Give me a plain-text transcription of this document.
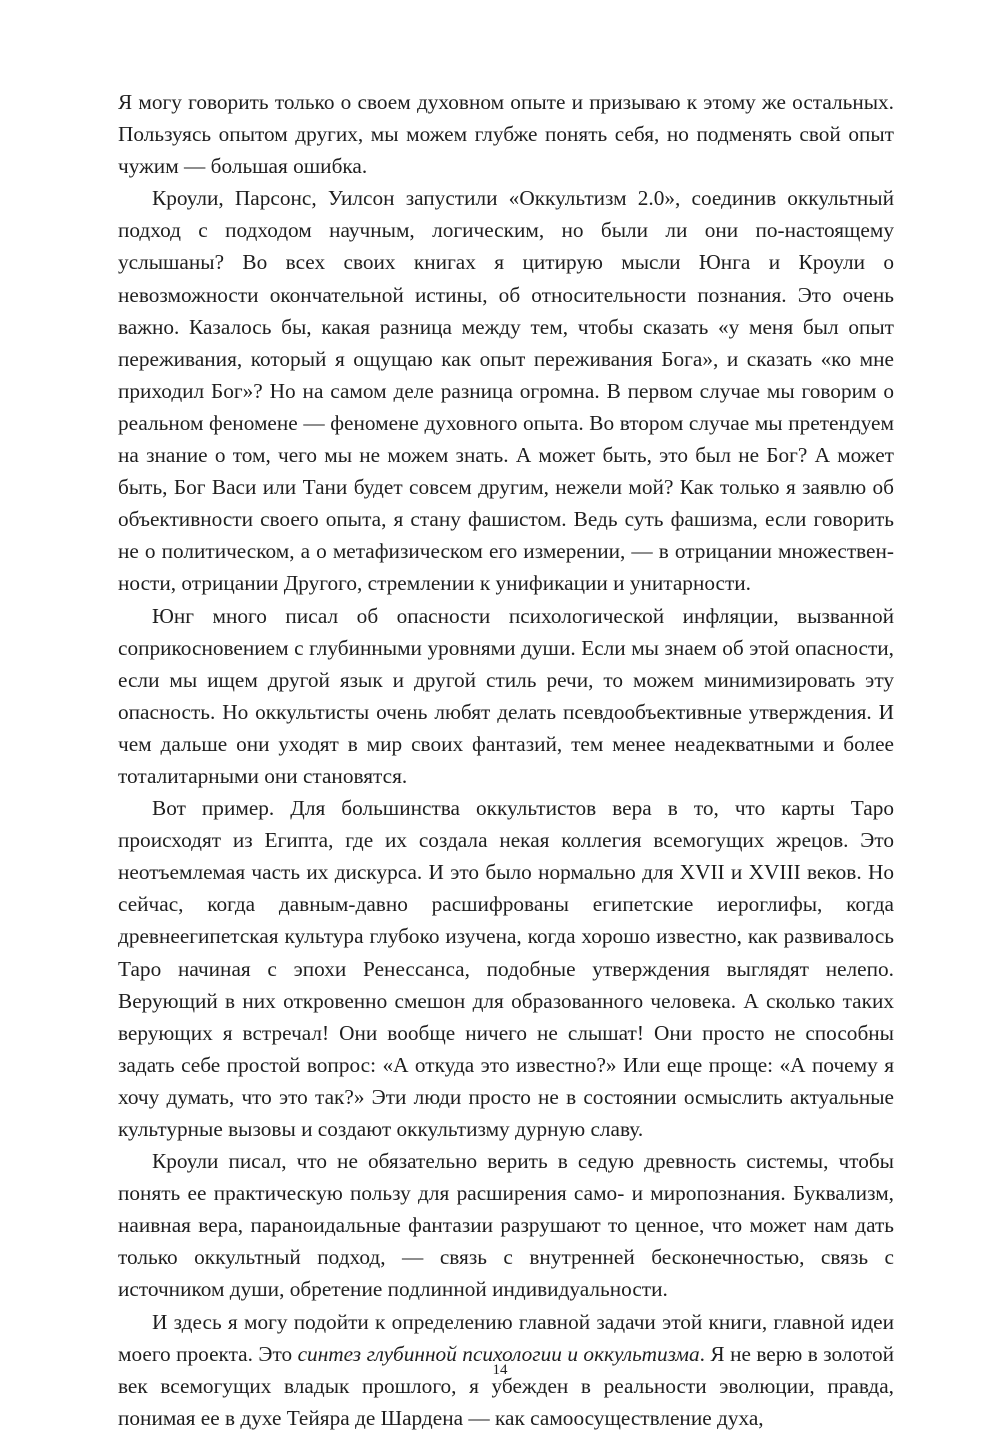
Я могу говорить только о своем духовном опыте и призываю к этому же остальных. Пользуясь опытом других, мы можем глубже понять себя, но подменять свой опыт чужим — большая ошибка.

Кроули, Парсонс, Уилсон запустили «Оккультизм 2.0», соединив оккультный подход с подходом научным, логическим, но были ли они по-настоящему услышаны? Во всех своих книгах я цитирую мысли Юнга и Кроули о невозможности окончательной истины, об относительности познания. Это очень важно. Казалось бы, какая разница между тем, чтобы сказать «у меня был опыт переживания, который я ощущаю как опыт переживания Бога», и сказать «ко мне приходил Бог»? Но на самом деле разница огромна. В первом случае мы говорим о реальном феномене — феномене духовного опыта. Во втором случае мы претендуем на знание о том, чего мы не можем знать. А может быть, это был не Бог? А может быть, Бог Васи или Тани будет совсем другим, нежели мой? Как только я заявлю об объективности своего опыта, я стану фашистом. Ведь суть фашизма, если говорить не о политическом, а о метафизическом его измерении, — в отрицании множественности, отрицании Другого, стремлении к унификации и унитарности.

Юнг много писал об опасности психологической инфляции, вызванной соприкосновением с глубинными уровнями души. Если мы знаем об этой опасности, если мы ищем другой язык и другой стиль речи, то можем минимизировать эту опасность. Но оккультисты очень любят делать псевдообъективные утверждения. И чем дальше они уходят в мир своих фантазий, тем менее неадекватными и более тоталитарными они становятся.

Вот пример. Для большинства оккультистов вера в то, что карты Таро происходят из Египта, где их создала некая коллегия всемогущих жрецов. Это неотъемлемая часть их дискурса. И это было нормально для XVII и XVIII веков. Но сейчас, когда давным-давно расшифрованы египетские иероглифы, когда древнеегипетская культура глубоко изучена, когда хорошо известно, как развивалось Таро начиная с эпохи Ренессанса, подобные утверждения выглядят нелепо. Верующий в них откровенно смешон для образованного человека. А сколько таких верующих я встречал! Они вообще ничего не слышат! Они просто не способны задать себе простой вопрос: «А откуда это известно?» Или еще проще: «А почему я хочу думать, что это так?» Эти люди просто не в состоянии осмыслить актуальные культурные вызовы и создают оккультизму дурную славу.

Кроули писал, что не обязательно верить в седую древность системы, чтобы понять ее практическую пользу для расширения само- и миропознания. Буквализм, наивная вера, параноидальные фантазии разрушают то ценное, что может нам дать только оккультный подход, — связь с внутренней бесконечностью, связь с источником души, обретение подлинной индивидуальности.

И здесь я могу подойти к определению главной задачи этой книги, главной идеи моего проекта. Это синтез глубинной психологии и оккультизма. Я не верю в золотой век всемогущих владык прошлого, я убежден в реальности эволюции, правда, понимая ее в духе Тейяра де Шардена — как самоосуществление духа,

14
